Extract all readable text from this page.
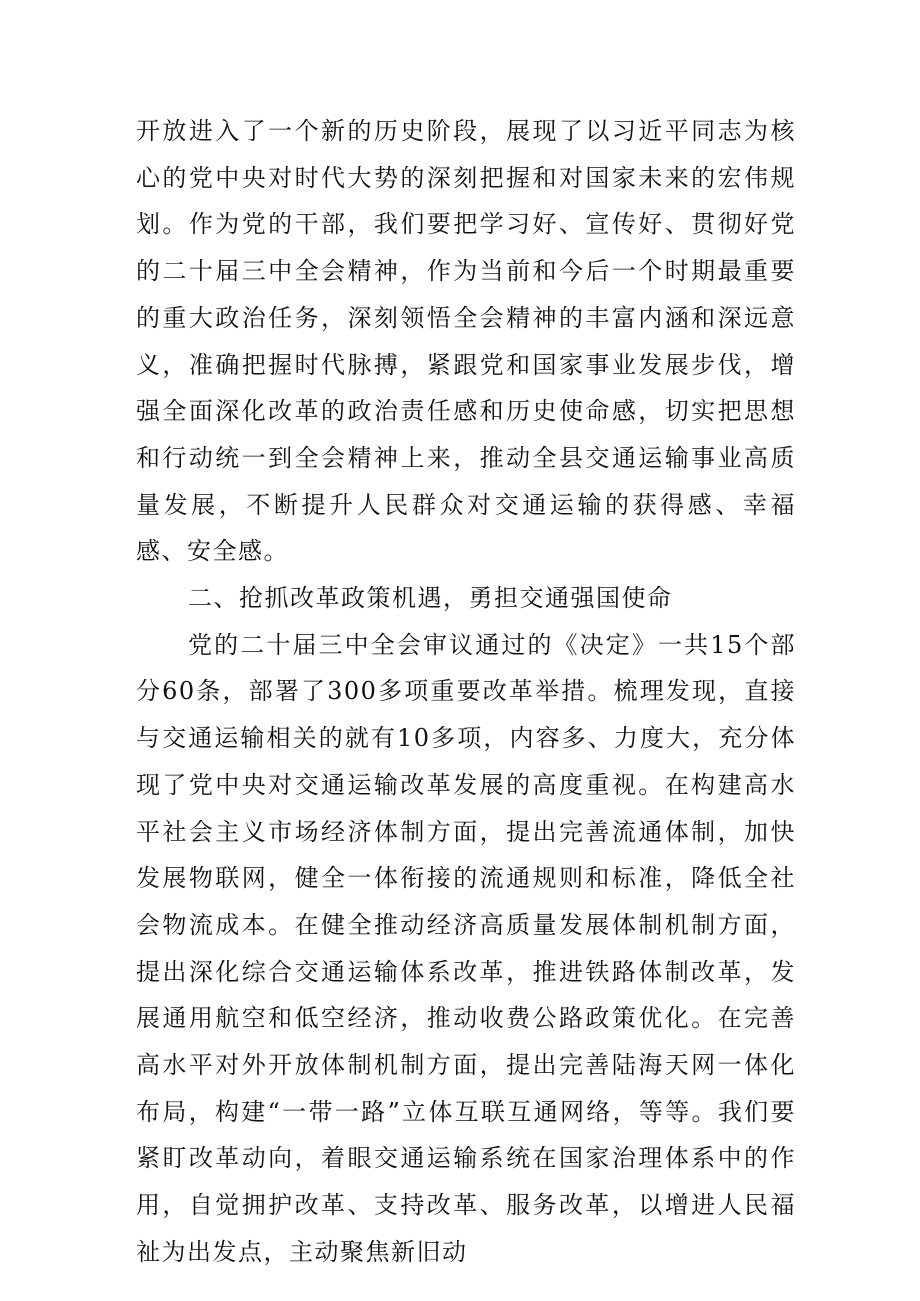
开放进入了一个新的历史阶段，展现了以习近平同志为核心的党中央对时代大势的深刻把握和对国家未来的宏伟规划。作为党的干部，我们要把学习好、宣传好、贯彻好党的二十届三中全会精神，作为当前和今后一个时期最重要的重大政治任务，深刻领悟全会精神的丰富内涵和深远意义，准确把握时代脉搏，紧跟党和国家事业发展步伐，增强全面深化改革的政治责任感和历史使命感，切实把思想和行动统一到全会精神上来，推动全县交通运输事业高质量发展，不断提升人民群众对交通运输的获得感、幸福感、安全感。

二、抢抓改革政策机遇，勇担交通强国使命

党的二十届三中全会审议通过的《决定》一共15个部分60条，部署了300多项重要改革举措。梳理发现，直接与交通运输相关的就有10多项，内容多、力度大，充分体现了党中央对交通运输改革发展的高度重视。在构建高水平社会主义市场经济体制方面，提出完善流通体制，加快发展物联网，健全一体衔接的流通规则和标准，降低全社会物流成本。在健全推动经济高质量发展体制机制方面，提出深化综合交通运输体系改革，推进铁路体制改革，发展通用航空和低空经济，推动收费公路政策优化。在完善高水平对外开放体制机制方面，提出完善陆海天网一体化布局，构建“一带一路”立体互联互通网络，等等。我们要紧盯改革动向，着眼交通运输系统在国家治理体系中的作用，自觉拥护改革、支持改革、服务改革，以增进人民福祉为出发点，主动聚焦新旧动
